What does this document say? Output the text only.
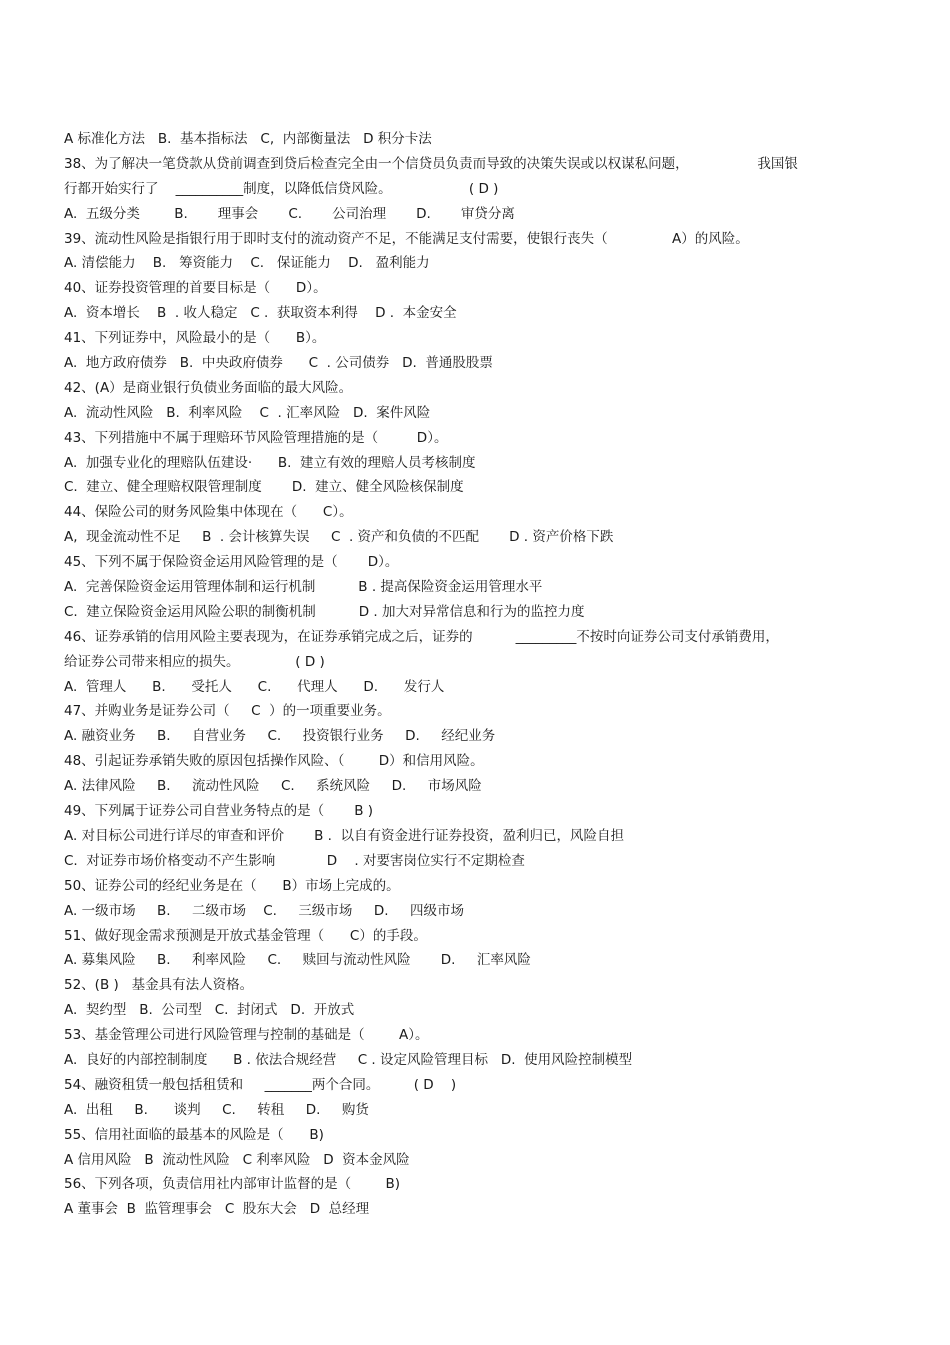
A 标准化方法   B.  基本指标法   C,  内部衡量法   D 积分卡法
38、为了解决一笔贷款从贷前调查到贷后检查完全由一个信贷员负责而导致的决策失误或以权谋私问题，                我国银
行都开始实行了    __________制度，以降低信贷风险。                  ( D )
A.  五级分类        B.       理事会       C.       公司治理       D.       审贷分离
39、流动性风险是指银行用于即时支付的流动资产不足，不能满足支付需要，使银行丧失（               A）的风险。
A. 清偿能力    B.   筹资能力    C.   保证能力    D.   盈利能力
40、证券投资管理的首要目标是（      D）。
A.  资本增长    B  . 收人稳定   C .  获取资本利得    D .  本金安全
41、下列证券中，风险最小的是（      B）。
A.  地方政府债券   B.  中央政府债券      C  . 公司债券   D.  普通股股票
42、(A）是商业银行负债业务面临的最大风险。
A.  流动性风险   B.  利率风险    C  . 汇率风险   D.  案件风险
43、下列措施中不属于理赔环节风险管理措施的是（         D）。
A.  加强专业化的理赔队伍建设·      B.  建立有效的理赔人员考核制度
C.  建立、健全理赔权限管理制度       D.  建立、健全风险核保制度
44、保险公司的财务风险集中体现在（      C）。
A,  现金流动性不足     B  . 会计核算失误     C  . 资产和负债的不匹配       D . 资产价格下跌
45、下列不属于保险资金运用风险管理的是（       D）。
A.  完善保险资金运用管理体制和运行机制          B . 提高保险资金运用管理水平
C.  建立保险资金运用风险公职的制衡机制          D . 加大对异常信息和行为的监控力度
46、证券承销的信用风险主要表现为，在证券承销完成之后，证券的          _________不按时向证券公司支付承销费用，
给证券公司带来相应的损失。             ( D )
A.  管理人      B.      受托人      C.      代理人      D.      发行人
47、并购业务是证券公司（     C  ）的一项重要业务。
A. 融资业务     B.     自营业务     C.     投资银行业务     D.     经纪业务
48、引起证券承销失败的原因包括操作风险、（        D）和信用风险。
A. 法律风险     B.     流动性风险     C.     系统风险     D.     市场风险
49、下列属于证券公司自营业务特点的是（       B )
A. 对目标公司进行详尽的审查和评价       B .  以自有资金进行证券投资，盈利归已，风险自担
C.  对证券市场价格变动不产生影响            D    . 对要害岗位实行不定期检查
50、证券公司的经纪业务是在（      B）市场上完成的。
A. 一级市场     B.     二级市场    C.     三级市场     D.     四级市场
51、做好现金需求预测是开放式基金管理（      C）的手段。
A. 募集风险     B.     利率风险     C.     赎回与流动性风险       D.     汇率风险
52、(B )   基金具有法人资格。
A.  契约型   B.  公司型   C.  封闭式   D.  开放式
53、基金管理公司进行风险管理与控制的基础是（        A）。
A.  良好的内部控制制度      B . 依法合规经营     C . 设定风险管理目标   D.  使用风险控制模型
54、融资租赁一般包括租赁和     _______两个合同。        ( D    )
A.  出租     B.      谈判     C.     转租     D.     购货
55、信用社面临的最基本的风险是（      B)
A 信用风险   B  流动性风险   C 利率风险   D  资本金风险
56、下列各项，负责信用社内部审计监督的是（        B)
A 董事会  B  监管理事会   C  股东大会   D  总经理
